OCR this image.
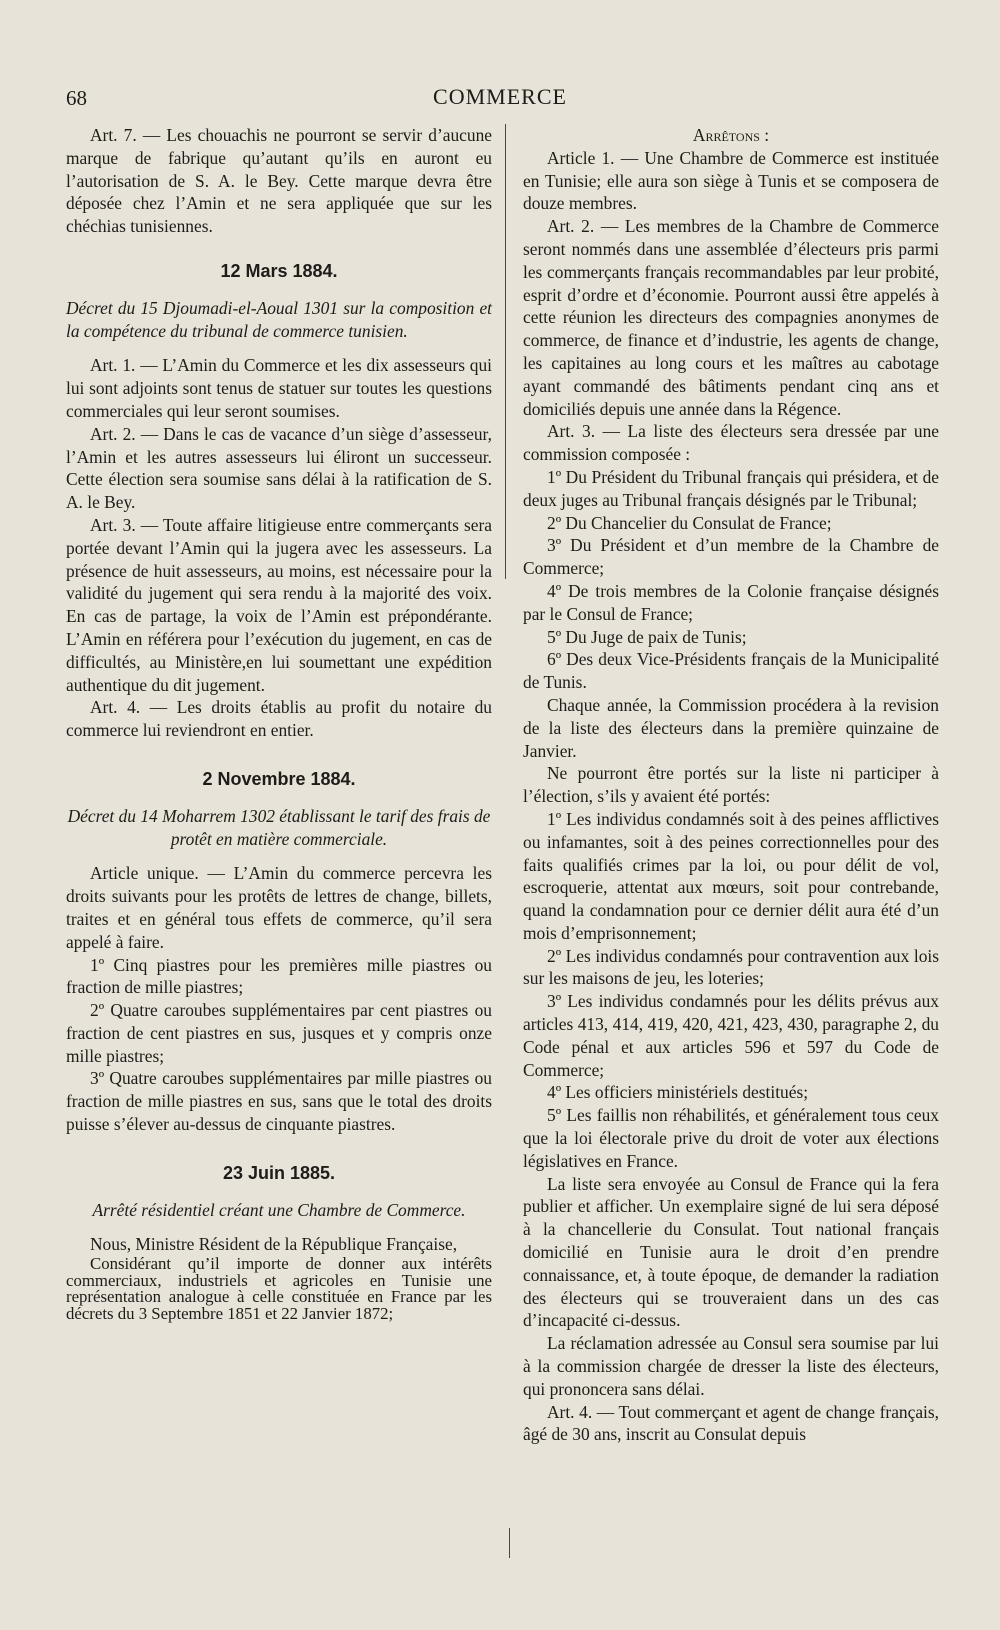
68	COMMERCE

Art. 7. — Les chouachis ne pourront se servir d’aucune marque de fabrique qu’autant qu’ils en auront eu l’autorisation de S. A. le Bey. Cette marque devra être déposée chez l’Amin et ne sera appliquée que sur les chéchias tunisiennes.

12 Mars 1884.

Décret du 15 Djoumadi-el-Aoual 1301 sur la composition et la compétence du tribunal de commerce tunisien.

Art. 1. — L’Amin du Commerce et les dix assesseurs qui lui sont adjoints sont tenus de statuer sur toutes les questions commerciales qui leur seront soumises.

Art. 2. — Dans le cas de vacance d’un siège d’assesseur, l’Amin et les autres assesseurs lui éliront un successeur. Cette élection sera soumise sans délai à la ratification de S. A. le Bey.

Art. 3. — Toute affaire litigieuse entre commerçants sera portée devant l’Amin qui la jugera avec les assesseurs. La présence de huit assesseurs, au moins, est nécessaire pour la validité du jugement qui sera rendu à la majorité des voix. En cas de partage, la voix de l’Amin est prépondérante. L’Amin en référera pour l’exécution du jugement, en cas de difficultés, au Ministère,en lui soumettant une expédition authentique du dit jugement.

Art. 4. — Les droits établis au profit du notaire du commerce lui reviendront en entier.

2 Novembre 1884.

Décret du 14 Moharrem 1302 établissant le tarif des frais de protêt en matière commerciale.

Article unique. — L’Amin du commerce percevra les droits suivants pour les protêts de lettres de change, billets, traites et en général tous effets de commerce, qu’il sera appelé à faire.

1º Cinq piastres pour les premières mille piastres ou fraction de mille piastres;

2º Quatre caroubes supplémentaires par cent piastres ou fraction de cent piastres en sus, jusques et y compris onze mille piastres;

3º Quatre caroubes supplémentaires par mille piastres ou fraction de mille piastres en sus, sans que le total des droits puisse s’élever au-dessus de cinquante piastres.

23 Juin 1885.

Arrêté résidentiel créant une Chambre de Commerce.

Nous, Ministre Résident de la République Française,

Considérant qu’il importe de donner aux intérêts commerciaux, industriels et agricoles en Tunisie une représentation analogue à celle constituée en France par les décrets du 3 Septembre 1851 et 22 Janvier 1872;

Arrêtons :

Article 1. — Une Chambre de Commerce est instituée en Tunisie; elle aura son siège à Tunis et se composera de douze membres.

Art. 2. — Les membres de la Chambre de Commerce seront nommés dans une assemblée d’électeurs pris parmi les commerçants français recommandables par leur probité, esprit d’ordre et d’économie. Pourront aussi être appelés à cette réunion les directeurs des compagnies anonymes de commerce, de finance et d’industrie, les agents de change, les capitaines au long cours et les maîtres au cabotage ayant commandé des bâtiments pendant cinq ans et domiciliés depuis une année dans la Régence.

Art. 3. — La liste des électeurs sera dressée par une commission composée :

1º Du Président du Tribunal français qui présidera, et de deux juges au Tribunal français désignés par le Tribunal;

2º Du Chancelier du Consulat de France;

3º Du Président et d’un membre de la Chambre de Commerce;

4º De trois membres de la Colonie française désignés par le Consul de France;

5º Du Juge de paix de Tunis;

6º Des deux Vice-Présidents français de la Municipalité de Tunis.

Chaque année, la Commission procédera à la revision de la liste des électeurs dans la première quinzaine de Janvier.

Ne pourront être portés sur la liste ni participer à l’élection, s’ils y avaient été portés:

1º Les individus condamnés soit à des peines afflictives ou infamantes, soit à des peines correctionnelles pour des faits qualifiés crimes par la loi, ou pour délit de vol, escroquerie, attentat aux mœurs, soit pour contrebande, quand la condamnation pour ce dernier délit aura été d’un mois d’emprisonnement;

2º Les individus condamnés pour contravention aux lois sur les maisons de jeu, les loteries;

3º Les individus condamnés pour les délits prévus aux articles 413, 414, 419, 420, 421, 423, 430, paragraphe 2, du Code pénal et aux articles 596 et 597 du Code de Commerce;

4º Les officiers ministériels destitués;

5º Les faillis non réhabilités, et généralement tous ceux que la loi électorale prive du droit de voter aux élections législatives en France.

La liste sera envoyée au Consul de France qui la fera publier et afficher. Un exemplaire signé de lui sera déposé à la chancellerie du Consulat. Tout national français domicilié en Tunisie aura le droit d’en prendre connaissance, et, à toute époque, de demander la radiation des électeurs qui se trouveraient dans un des cas d’incapacité ci-dessus.

La réclamation adressée au Consul sera soumise par lui à la commission chargée de dresser la liste des électeurs, qui prononcera sans délai.

Art. 4. — Tout commerçant et agent de change français, âgé de 30 ans, inscrit au Consulat depuis
